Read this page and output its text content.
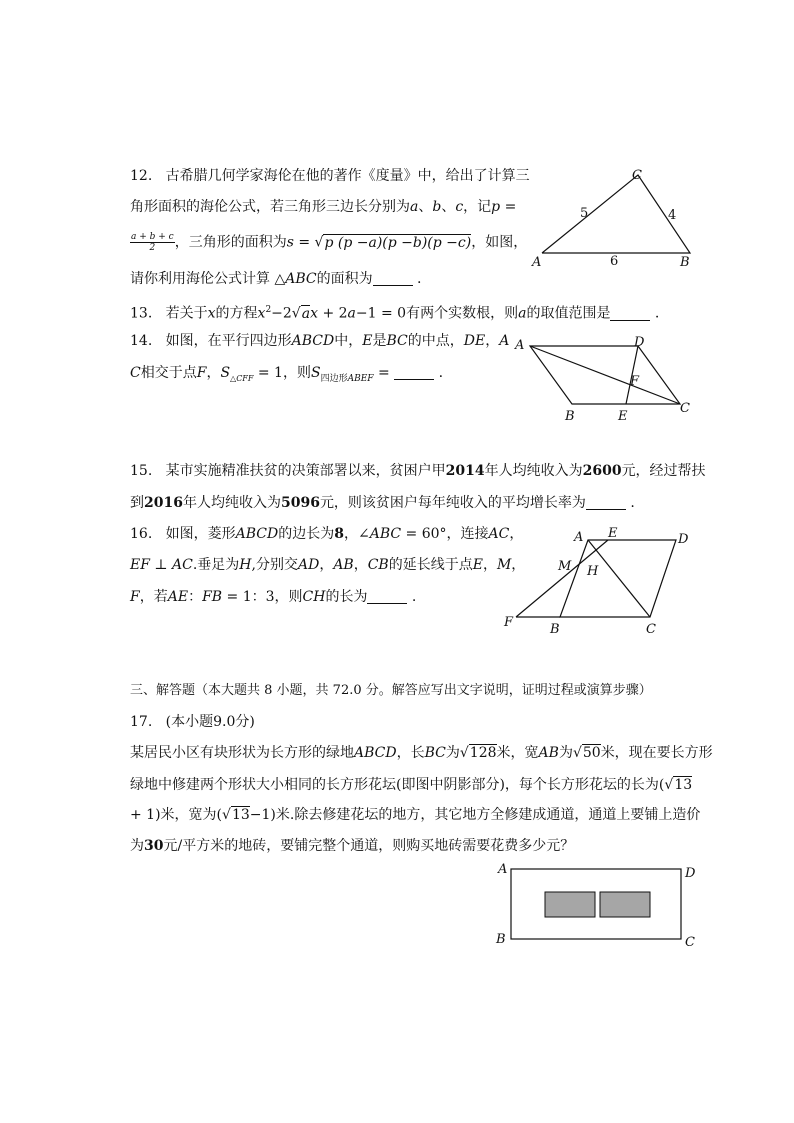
12. 古希腊几何学家海伦在他的著作《度量》中，给出了计算三
角形面积的海伦公式，若三角形三边长分别为a、b、c，记p =
$\frac{a + b + c}{2}$ ，三角形的面积为s = √p (p −a)(p −b)(p −c)，如图，
请你利用海伦公式计算 △ABC的面积为	.
A	B
C
6
5	4
13. 若关于x的方程$x^2-2√ax + 2a-1 = 0$有两个实数根，则a的取值范围是	.
14. 如图，在平行四边形ABCD中，E是BC的中点，DE，A
C相交于点F，$S_{\triangle CFF} = 1$，则$S_{四边形ABEF}$ =	.
A
B
C
D
E
F
15. 某市实施精准扶贫的决策部署以来，贫困户甲2014年人均纯收入为2600元，经过帮扶
到2016年人均纯收入为5096元，则该贫困户每年纯收入的平均增长率为	.
16. 如图，菱形ABCD的边长为8，∠ABC = 60°，连接AC，
EF ⊥ AC.垂足为H,分别交AD，AB，CB的延长线于点E，M，
F，若AE：FB = 1：3，则CH的长为	.
A
B	C
D
E
F
H
M
三、解答题（本大题共 8 小题，共 72.0 分。解答应写出文字说明，证明过程或演算步骤）
17. (本小题9.0分)
某居民小区有块形状为长方形的绿地ABCD，长BC为√128米，宽AB为√50米，现在要长方形
绿地中修建两个形状大小相同的长方形花坛(即图中阴影部分)，每个长方形花坛的长为(√13
+ 1)米，宽为(√13−1)米.除去修建花坛的地方，其它地方全修建成通道，通道上要铺上造价
为30元/平方米的地砖，要铺完整个通道，则购买地砖需要花费多少元？
A
B	C
D
